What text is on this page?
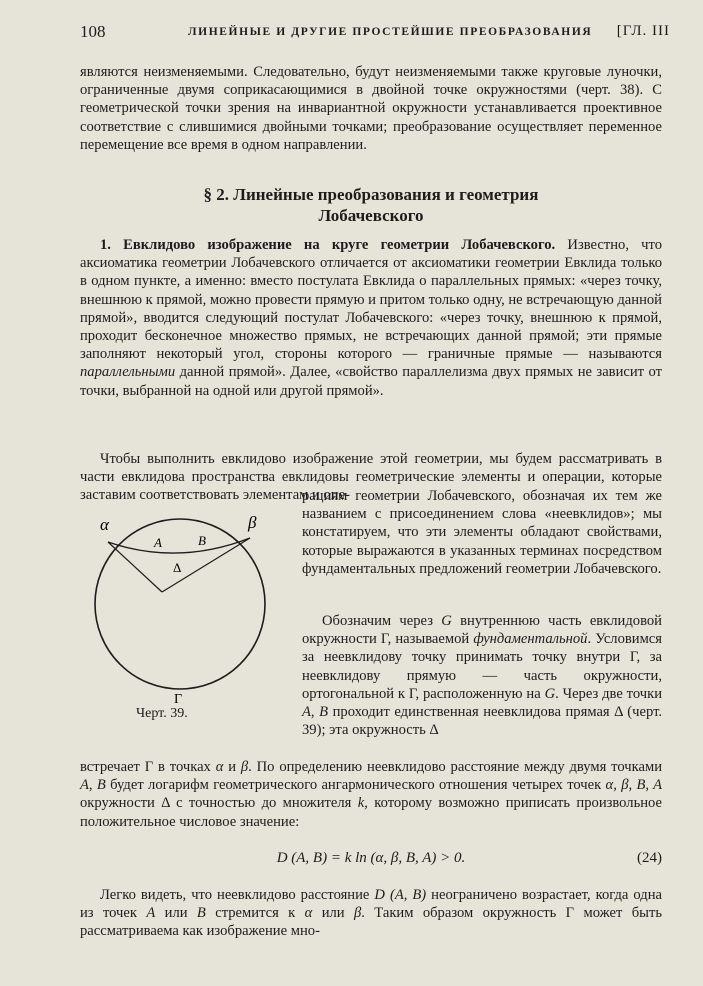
108	ЛИНЕЙНЫЕ И ДРУГИЕ ПРОСТЕЙШИЕ ПРЕОБРАЗОВАНИЯ [ГЛ. III
являются неизменяемыми. Следовательно, будут неизменяемыми также круговые луночки, ограниченные двумя соприкасающимися в двойной точке окружностями (черт. 38). С геометрической точки зрения на инвариантной окружности устанавливается проективное соответствие с слившимися двойными точками; преобразование осуществляет переменное перемещение все время в одном направлении.
§ 2. Линейные преобразования и геометрия
Лобачевского
1. Евклидово изображение на круге геометрии Лобачевского. Известно, что аксиоматика геометрии Лобачевского отличается от аксиоматики геометрии Евклида только в одном пункте, а именно: вместо постулата Евклида о параллельных прямых: «через точку, внешнюю к прямой, можно провести прямую и притом только одну, не встречающую данной прямой», вводится следующий постулат Лобачевского: «через точку, внешнюю к прямой, проходит бесконечное множество прямых, не встречающих данной прямой; эти прямые заполняют некоторый угол, стороны которого — граничные прямые — называются параллельными данной прямой». Далее, «свойство параллелизма двух прямых не зависит от точки, выбранной на одной или другой прямой».
Чтобы выполнить евклидово изображение этой геометрии, мы будем рассматривать в части евклидова пространства евклидовы геометрические элементы и операции, которые заставим соответствовать элементам и опе-
рациям геометрии Лобачевского, обозначая их тем же названием с присоединением слова «неевклидов»; мы констатируем, что эти элементы обладают свойствами, которые выражаются в указанных терминах посредством фундаментальных предложений геометрии Лобачевского.
Обозначим через G внутреннюю часть евклидовой окружности Γ, называемой фундаментальной. Условимся за неевклидову точку принимать точку внутри Γ, за неевклидову прямую — часть окружности, ортогональной к Γ, расположенную на G. Через две точки A, B проходит единственная неевклидова прямая Δ (черт. 39); эта окружность Δ
встречает Γ в точках α и β. По определению неевклидово расстояние между двумя точками A, B будет логарифм геометрического ангармонического отношения четырех точек α, β, B, A окружности Δ с точностью до множителя k, которому возможно приписать произвольное положительное числовое значение:
D (A, B) = k ln (α, β, B, A) > 0.	(24)
Легко видеть, что неевклидово расстояние D (A, B) неограничено возрастает, когда одна из точек A или B стремится к α или β. Таким образом окружность Γ может быть рассматриваема как изображение мно-
α	β
A	B
Δ
Γ
Черт. 39.
